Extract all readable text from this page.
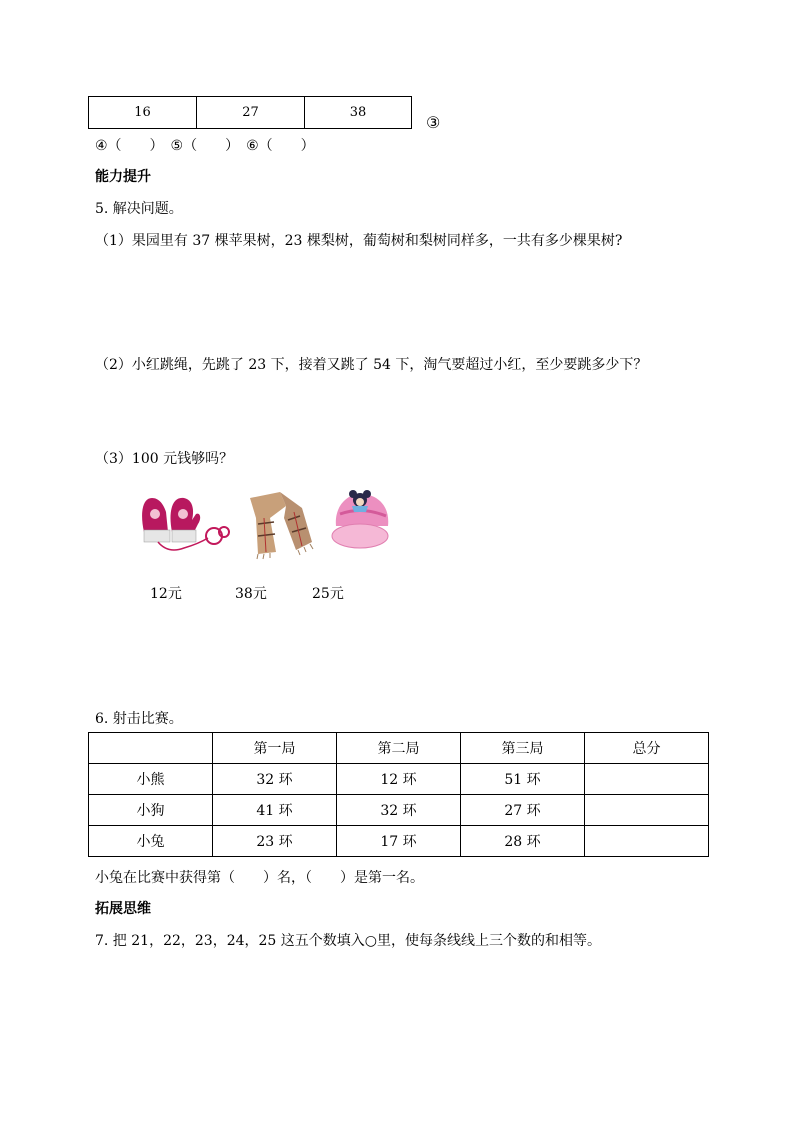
16	27	38
③
④（　　）　⑤（　　）　⑥（　　）
能力提升
5. 解决问题。
（1）果园里有 37 棵苹果树，23 棵梨树，葡萄树和梨树同样多，一共有多少棵果树?
（2）小红跳绳，先跳了 23 下，接着又跳了 54 下，淘气要超过小红，至少要跳多少下？
（3）100 元钱够吗？
12元	38元	25元
6. 射击比赛。
	第一局	第二局	第三局	总分
小熊	32 环	12 环	51 环	
小狗	41 环	32 环	27 环	
小兔	23 环	17 环	28 环	
小兔在比赛中获得第（　　）名，（　　）是第一名。
拓展思维
7. 把 21，22，23，24，25 这五个数填入○里，使每条线线上三个数的和相等。
